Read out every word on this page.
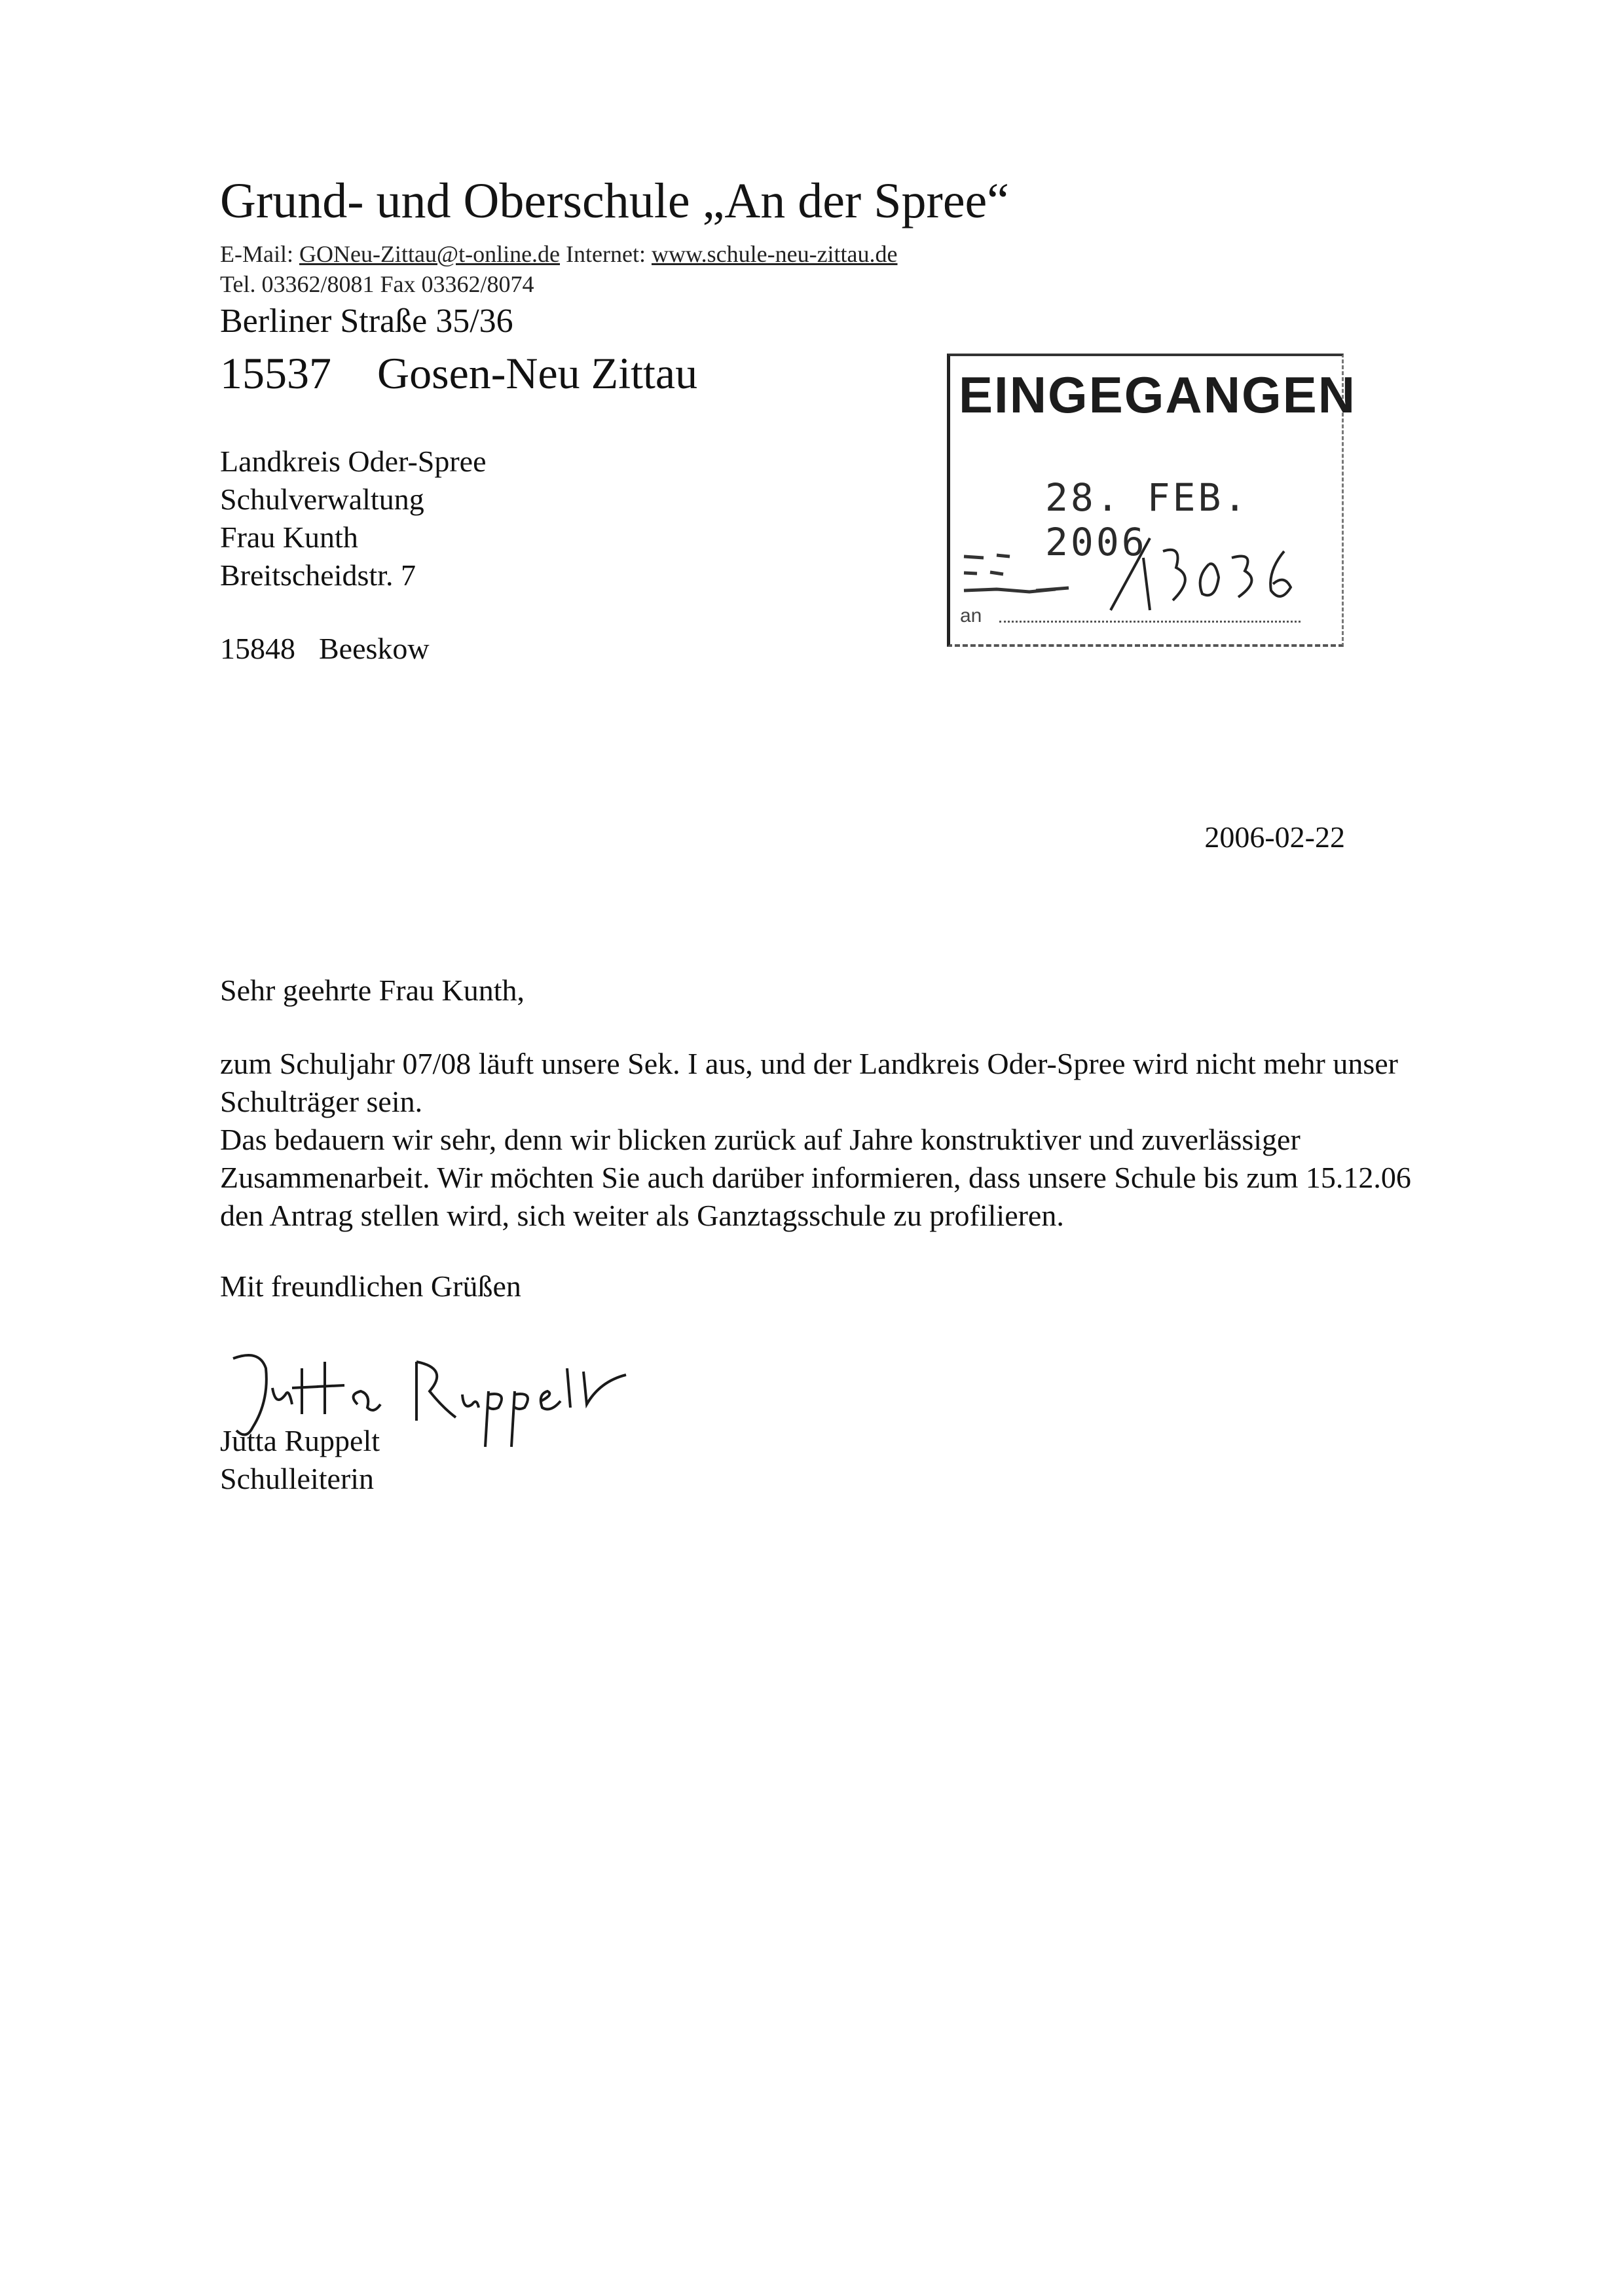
Grund- und Oberschule „An der Spree“
E-Mail: GONeu-Zittau@t-online.de Internet: www.schule-neu-zittau.de
Tel. 03362/8081 Fax 03362/8074
Berliner Straße 35/36
15537 Gosen-Neu Zittau
Landkreis Oder-Spree
Schulverwaltung
Frau Kunth
Breitscheidstr. 7
15848 Beeskow
EINGEGANGEN
28. FEB. 2006
an
2006-02-22
Sehr geehrte Frau Kunth,
zum Schuljahr 07/08 läuft unsere Sek. I aus, und der Landkreis Oder-Spree wird nicht mehr unser Schulträger sein.
Das bedauern wir sehr, denn wir blicken zurück auf Jahre konstruktiver und zuverlässiger Zusammenarbeit. Wir möchten Sie auch darüber informieren, dass unsere Schule bis zum 15.12.06 den Antrag stellen wird, sich weiter als Ganztagsschule zu profilieren.
Mit freundlichen Grüßen
Jutta Ruppelt
Schulleiterin
